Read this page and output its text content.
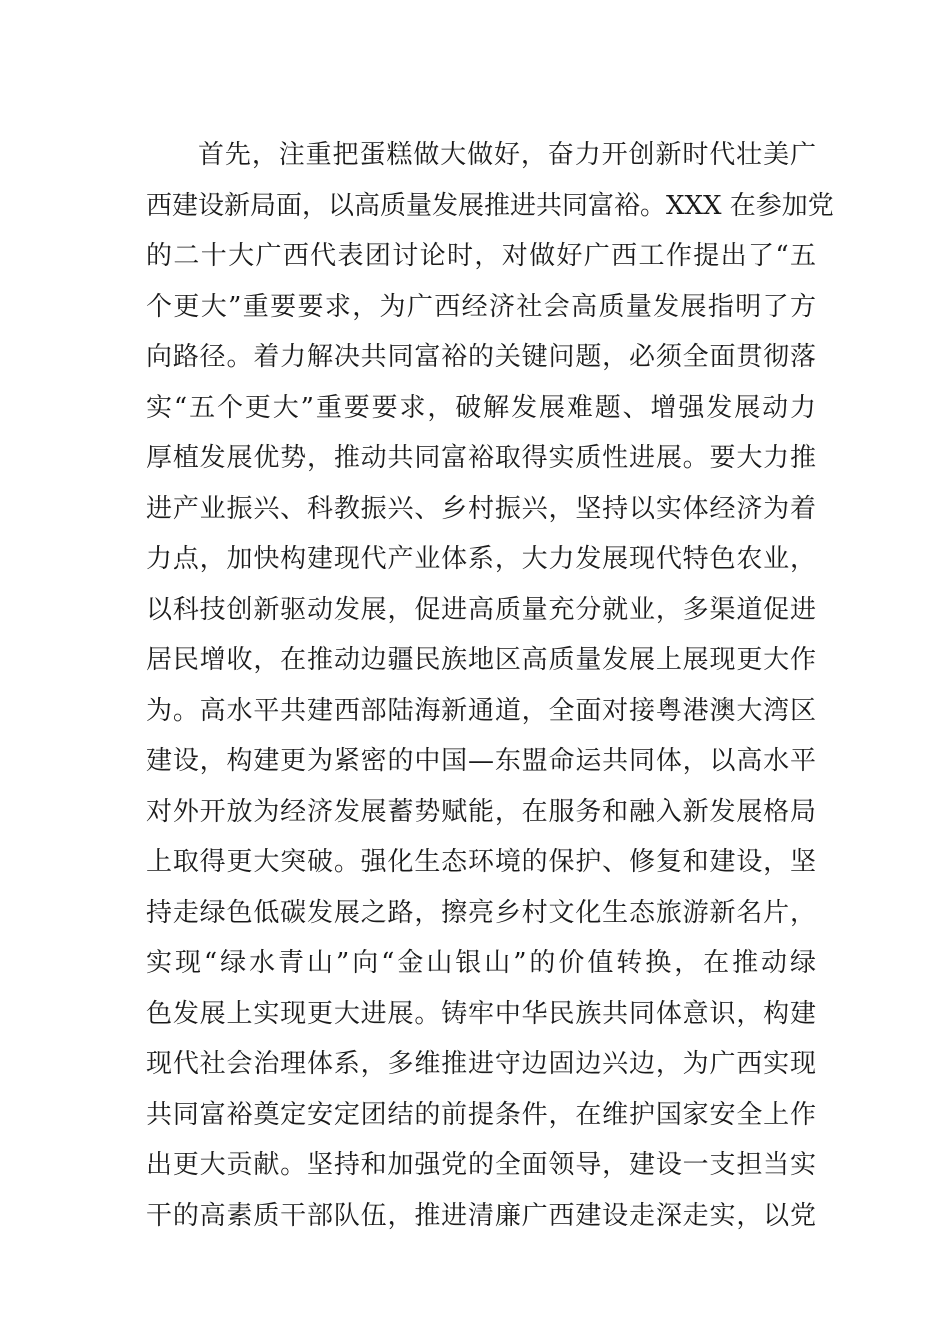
首先，注重把蛋糕做大做好，奋力开创新时代壮美广
西建设新局面，以高质量发展推进共同富裕。XXX 在参加党
的二十大广西代表团讨论时，对做好广西工作提出了“五
个更大”重要要求，为广西经济社会高质量发展指明了方
向路径。着力解决共同富裕的关键问题，必须全面贯彻落
实“五个更大”重要要求，破解发展难题、增强发展动力
厚植发展优势，推动共同富裕取得实质性进展。要大力推
进产业振兴、科教振兴、乡村振兴，坚持以实体经济为着
力点，加快构建现代产业体系，大力发展现代特色农业，
以科技创新驱动发展，促进高质量充分就业，多渠道促进
居民增收，在推动边疆民族地区高质量发展上展现更大作
为。高水平共建西部陆海新通道，全面对接粤港澳大湾区
建设，构建更为紧密的中国—东盟命运共同体，以高水平
对外开放为经济发展蓄势赋能，在服务和融入新发展格局
上取得更大突破。强化生态环境的保护、修复和建设，坚
持走绿色低碳发展之路，擦亮乡村文化生态旅游新名片，
实现“绿水青山”向“金山银山”的价值转换，在推动绿
色发展上实现更大进展。铸牢中华民族共同体意识，构建
现代社会治理体系，多维推进守边固边兴边，为广西实现
共同富裕奠定安定团结的前提条件，在维护国家安全上作
出更大贡献。坚持和加强党的全面领导，建设一支担当实
干的高素质干部队伍，推进清廉广西建设走深走实，以党
